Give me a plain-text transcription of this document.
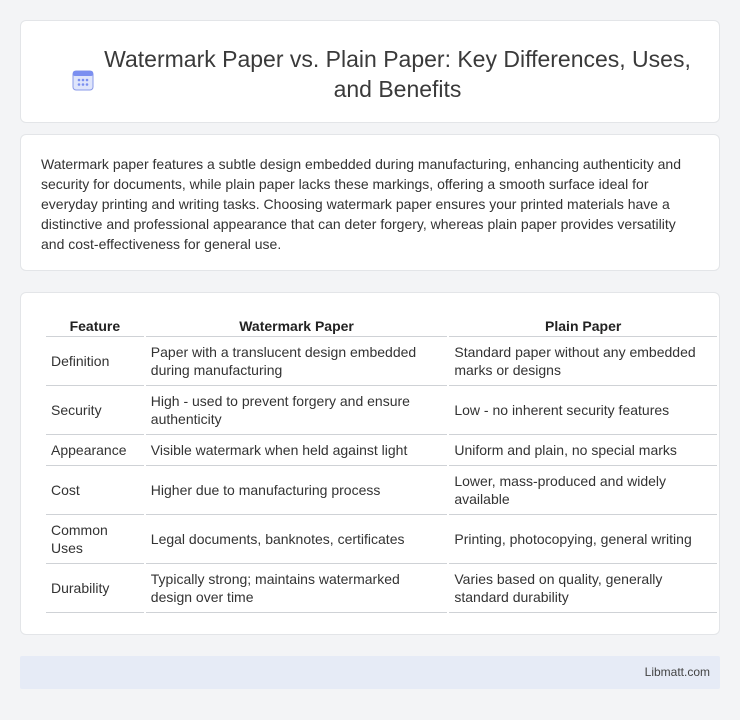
Watermark Paper vs. Plain Paper: Key Differences, Uses, and Benefits

Watermark paper features a subtle design embedded during manufacturing, enhancing authenticity and security for documents, while plain paper lacks these markings, offering a smooth surface ideal for everyday printing and writing tasks. Choosing watermark paper ensures your printed materials have a distinctive and professional appearance that can deter forgery, whereas plain paper provides versatility and cost-effectiveness for general use.

Feature	Watermark Paper	Plain Paper
Definition	Paper with a translucent design embedded during manufacturing	Standard paper without any embedded marks or designs
Security	High - used to prevent forgery and ensure authenticity	Low - no inherent security features
Appearance	Visible watermark when held against light	Uniform and plain, no special marks
Cost	Higher due to manufacturing process	Lower, mass-produced and widely available
Common Uses	Legal documents, banknotes, certificates	Printing, photocopying, general writing
Durability	Typically strong; maintains watermarked design over time	Varies based on quality, generally standard durability
Libmatt.com
